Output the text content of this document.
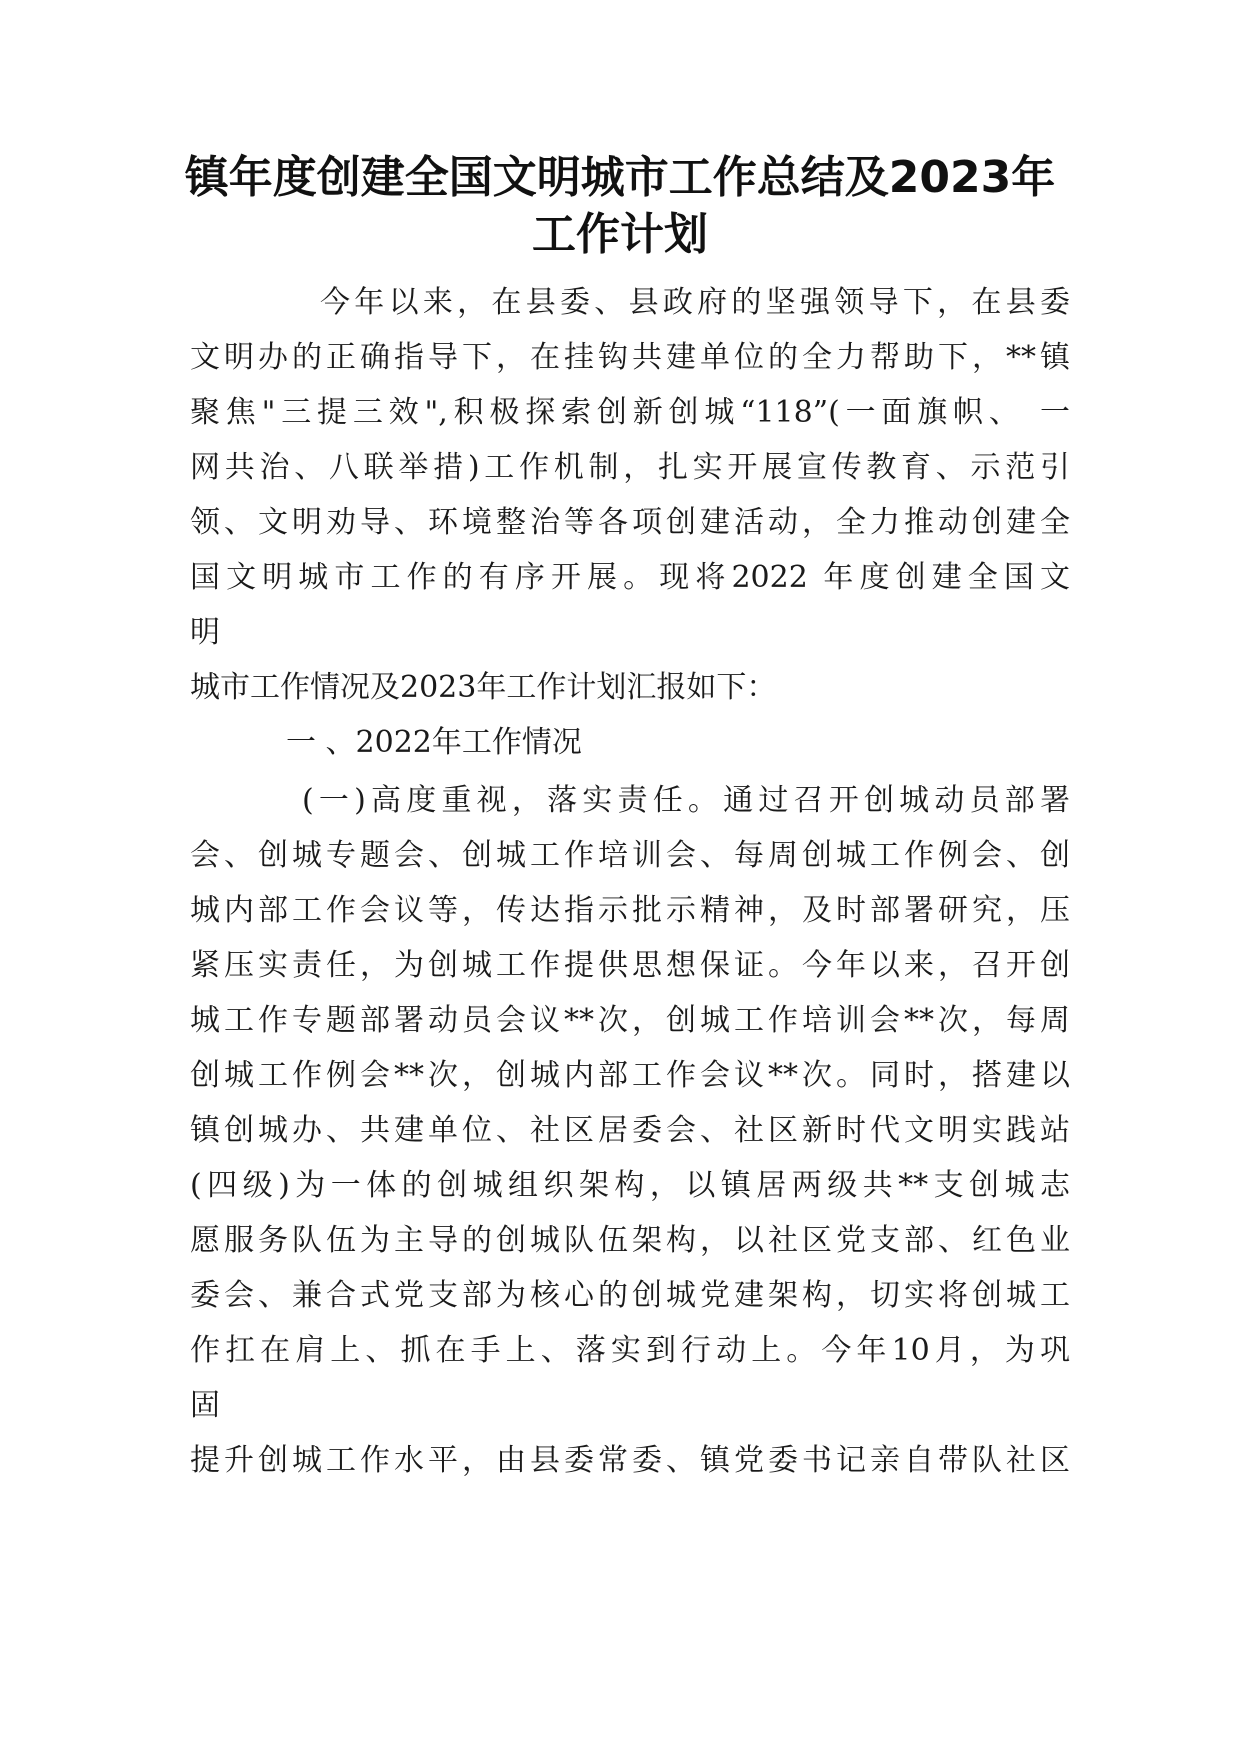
镇年度创建全国文明城市工作总结及2023年
工作计划
今年以来，在县委、县政府的坚强领导下，在县委
文明办的正确指导下，在挂钩共建单位的全力帮助下，**镇
聚焦"三提三效",积极探索创新创城“118”(一面旗帜、 一
网共治、八联举措)工作机制，扎实开展宣传教育、示范引
领、文明劝导、环境整治等各项创建活动，全力推动创建全
国文明城市工作的有序开展。现将2022 年度创建全国文
明
城市工作情况及2023年工作计划汇报如下：
一 、2022年工作情况
(一)高度重视，落实责任。通过召开创城动员部署
会、创城专题会、创城工作培训会、每周创城工作例会、创
城内部工作会议等，传达指示批示精神，及时部署研究，压
紧压实责任，为创城工作提供思想保证。今年以来，召开创
城工作专题部署动员会议**次，创城工作培训会**次，每周
创城工作例会**次，创城内部工作会议**次。同时，搭建以
镇创城办、共建单位、社区居委会、社区新时代文明实践站
(四级)为一体的创城组织架构，以镇居两级共**支创城志
愿服务队伍为主导的创城队伍架构，以社区党支部、红色业
委会、兼合式党支部为核心的创城党建架构，切实将创城工
作扛在肩上、抓在手上、落实到行动上。今年10月，为巩
固
提升创城工作水平，由县委常委、镇党委书记亲自带队社区
